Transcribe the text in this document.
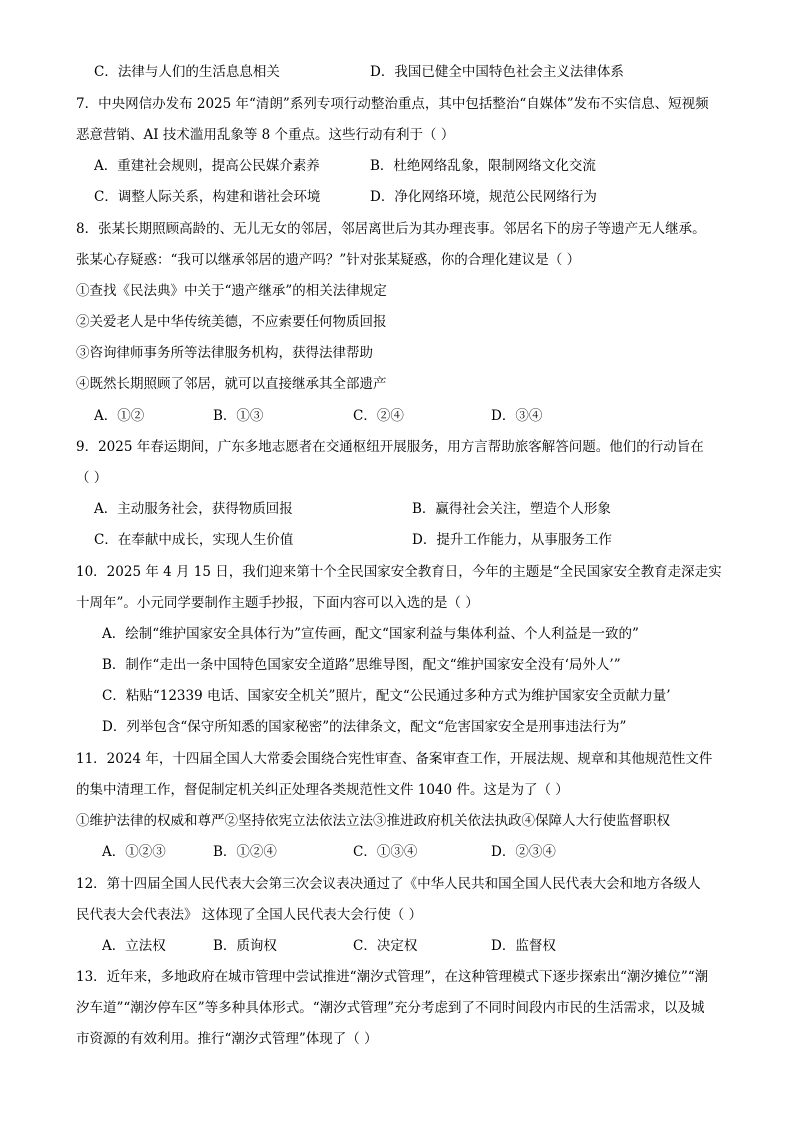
C．法律与人们的生活息息相关	D．我国已健全中国特色社会主义法律体系
7．中央网信办发布 2025 年“清朗”系列专项行动整治重点，其中包括整治“自媒体”发布不实信息、短视频
恶意营销、AI 技术滥用乱象等 8 个重点。这些行动有利于（ ）
A．重建社会规则，提高公民媒介素养	B．杜绝网络乱象，限制网络文化交流
C．调整人际关系，构建和谐社会环境	D．净化网络环境，规范公民网络行为
8．张某长期照顾高龄的、无儿无女的邻居，邻居离世后为其办理丧事。邻居名下的房子等遗产无人继承。
张某心存疑惑：“我可以继承邻居的遗产吗？”针对张某疑惑，你的合理化建议是（ ）
①查找《民法典》中关于“遗产继承”的相关法律规定
②关爱老人是中华传统美德，不应索要任何物质回报
③咨询律师事务所等法律服务机构，获得法律帮助
④既然长期照顾了邻居，就可以直接继承其全部遗产
A．①②	B．①③	C．②④	D．③④
9．2025 年春运期间，广东多地志愿者在交通枢纽开展服务，用方言帮助旅客解答问题。他们的行动旨在
（ ）
A．主动服务社会，获得物质回报	B．赢得社会关注，塑造个人形象
C．在奉献中成长，实现人生价值	D．提升工作能力，从事服务工作
10．2025 年 4 月 15 日，我们迎来第十个全民国家安全教育日，今年的主题是“全民国家安全教育走深走实
十周年”。小元同学要制作主题手抄报，下面内容可以入选的是（ ）
A．绘制“维护国家安全具体行为”宣传画，配文“国家利益与集体利益、个人利益是一致的”
B．制作“走出一条中国特色国家安全道路”思维导图，配文“维护国家安全没有‘局外人’”
C．粘贴“12339 电话、国家安全机关”照片，配文“公民通过多种方式为维护国家安全贡献力量’
D．列举包含“保守所知悉的国家秘密”的法律条文，配文“危害国家安全是刑事违法行为”
11．2024 年，十四届全国人大常委会围绕合宪性审查、备案审查工作，开展法规、规章和其他规范性文件
的集中清理工作，督促制定机关纠正处理各类规范性文件 1040 件。这是为了（ ）
①维护法律的权威和尊严②坚持依宪立法依法立法③推进政府机关依法执政④保障人大行使监督职权
A．①②③	B．①②④	C．①③④	D．②③④
12．第十四届全国人民代表大会第三次会议表决通过了《中华人民共和国全国人民代表大会和地方各级人
民代表大会代表法》 这体现了全国人民代表大会行使（ ）
A．立法权	B．质询权	C．决定权	D．监督权
13．近年来，多地政府在城市管理中尝试推进“潮汐式管理”，在这种管理模式下逐步探索出“潮汐摊位”“潮
汐车道”“潮汐停车区”等多种具体形式。“潮汐式管理”充分考虑到了不同时间段内市民的生活需求，以及城
市资源的有效利用。推行“潮汐式管理”体现了（ ）
